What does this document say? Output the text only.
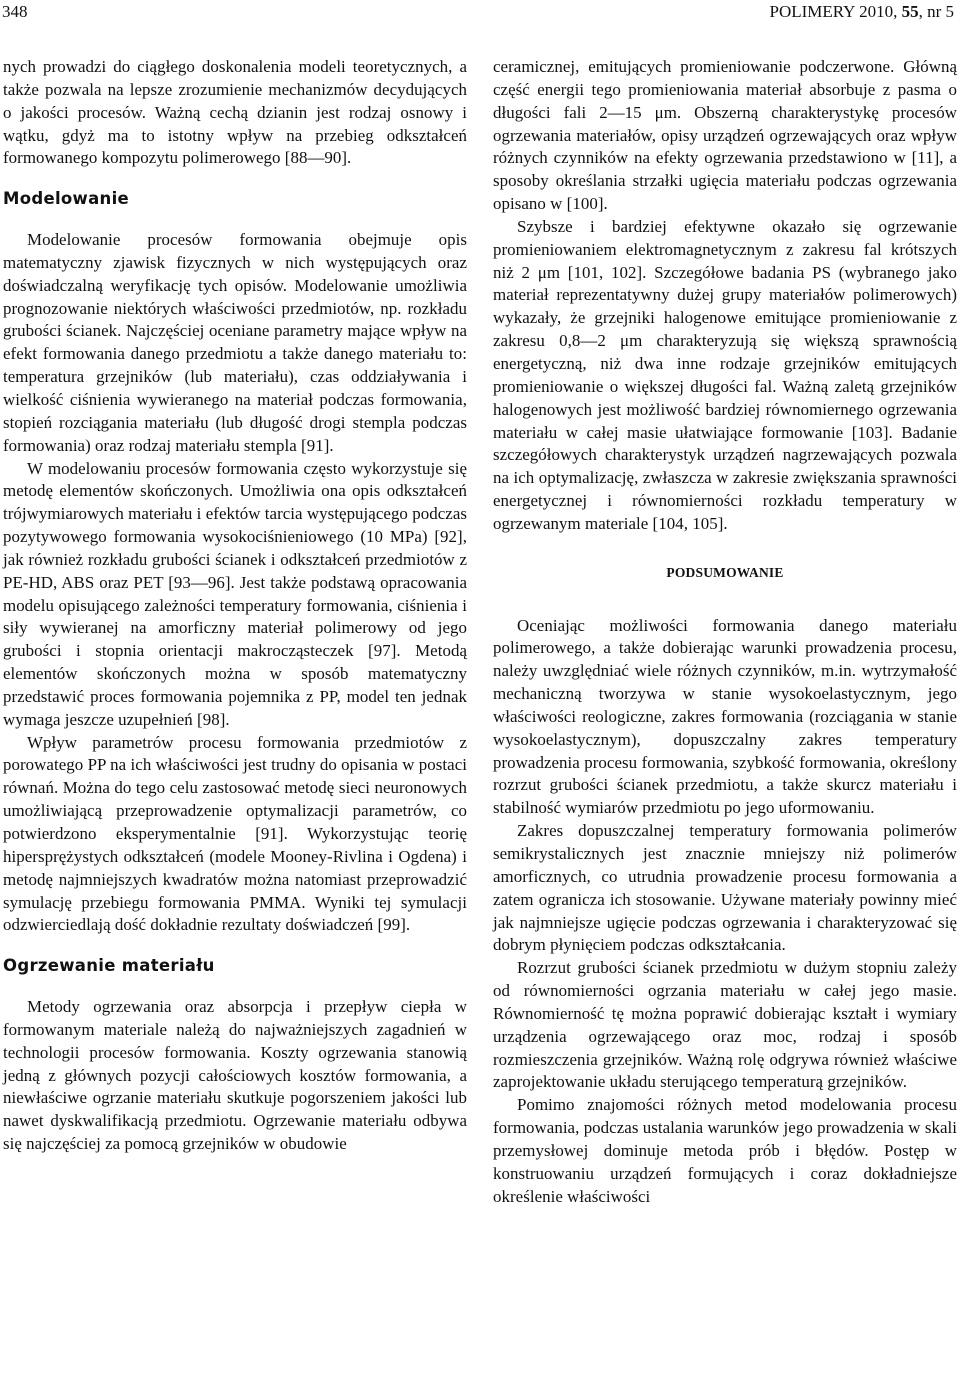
348	POLIMERY 2010, 55, nr 5

nych prowadzi do ciągłego doskonalenia modeli teoretycznych, a także pozwala na lepsze zrozumienie mechanizmów decydujących o jakości procesów. Ważną cechą dzianin jest rodzaj osnowy i wątku, gdyż ma to istotny wpływ na przebieg odkształceń formowanego kompozytu polimerowego [88—90].

Modelowanie

Modelowanie procesów formowania obejmuje opis matematyczny zjawisk fizycznych w nich występujących oraz doświadczalną weryfikację tych opisów. Modelowanie umożliwia prognozowanie niektórych właściwości przedmiotów, np. rozkładu grubości ścianek. Najczęściej oceniane parametry mające wpływ na efekt formowania danego przedmiotu a także danego materiału to: temperatura grzejników (lub materiału), czas oddziaływania i wielkość ciśnienia wywieranego na materiał podczas formowania, stopień rozciągania materiału (lub długość drogi stempla podczas formowania) oraz rodzaj materiału stempla [91].

W modelowaniu procesów formowania często wykorzystuje się metodę elementów skończonych. Umożliwia ona opis odkształceń trójwymiarowych materiału i efektów tarcia występującego podczas pozytywowego formowania wysokociśnieniowego (10 MPa) [92], jak również rozkładu grubości ścianek i odkształceń przedmiotów z PE-HD, ABS oraz PET [93—96]. Jest także podstawą opracowania modelu opisującego zależności temperatury formowania, ciśnienia i siły wywieranej na amorficzny materiał polimerowy od jego grubości i stopnia orientacji makrocząsteczek [97]. Metodą elementów skończonych można w sposób matematyczny przedstawić proces formowania pojemnika z PP, model ten jednak wymaga jeszcze uzupełnień [98].

Wpływ parametrów procesu formowania przedmiotów z porowatego PP na ich właściwości jest trudny do opisania w postaci równań. Można do tego celu zastosować metodę sieci neuronowych umożliwiającą przeprowadzenie optymalizacji parametrów, co potwierdzono eksperymentalnie [91]. Wykorzystując teorię hipersprężystych odkształceń (modele Mooney-Rivlina i Ogdena) i metodę najmniejszych kwadratów można natomiast przeprowadzić symulację przebiegu formowania PMMA. Wyniki tej symulacji odzwierciedlają dość dokładnie rezultaty doświadczeń [99].

Ogrzewanie materiału

Metody ogrzewania oraz absorpcja i przepływ ciepła w formowanym materiale należą do najważniejszych zagadnień w technologii procesów formowania. Koszty ogrzewania stanowią jedną z głównych pozycji całościowych kosztów formowania, a niewłaściwe ogrzanie materiału skutkuje pogorszeniem jakości lub nawet dyskwalifikacją przedmiotu. Ogrzewanie materiału odbywa się najczęściej za pomocą grzejników w obudowie

ceramicznej, emitujących promieniowanie podczerwone. Główną część energii tego promieniowania materiał absorbuje z pasma o długości fali 2—15 μm. Obszerną charakterystykę procesów ogrzewania materiałów, opisy urządzeń ogrzewających oraz wpływ różnych czynników na efekty ogrzewania przedstawiono w [11], a sposoby określania strzałki ugięcia materiału podczas ogrzewania opisano w [100].

Szybsze i bardziej efektywne okazało się ogrzewanie promieniowaniem elektromagnetycznym z zakresu fal krótszych niż 2 μm [101, 102]. Szczegółowe badania PS (wybranego jako materiał reprezentatywny dużej grupy materiałów polimerowych) wykazały, że grzejniki halogenowe emitujące promieniowanie z zakresu 0,8—2 μm charakteryzują się większą sprawnością energetyczną, niż dwa inne rodzaje grzejników emitujących promieniowanie o większej długości fal. Ważną zaletą grzejników halogenowych jest możliwość bardziej równomiernego ogrzewania materiału w całej masie ułatwiające formowanie [103]. Badanie szczegółowych charakterystyk urządzeń nagrzewających pozwala na ich optymalizację, zwłaszcza w zakresie zwiększania sprawności energetycznej i równomierności rozkładu temperatury w ogrzewanym materiale [104, 105].

PODSUMOWANIE

Oceniając możliwości formowania danego materiału polimerowego, a także dobierając warunki prowadzenia procesu, należy uwzględniać wiele różnych czynników, m.in. wytrzymałość mechaniczną tworzywa w stanie wysokoelastycznym, jego właściwości reologiczne, zakres formowania (rozciągania w stanie wysokoelastycznym), dopuszczalny zakres temperatury prowadzenia procesu formowania, szybkość formowania, określony rozrzut grubości ścianek przedmiotu, a także skurcz materiału i stabilność wymiarów przedmiotu po jego uformowaniu.

Zakres dopuszczalnej temperatury formowania polimerów semikrystalicznych jest znacznie mniejszy niż polimerów amorficznych, co utrudnia prowadzenie procesu formowania a zatem ogranicza ich stosowanie. Używane materiały powinny mieć jak najmniejsze ugięcie podczas ogrzewania i charakteryzować się dobrym płynięciem podczas odkształcania.

Rozrzut grubości ścianek przedmiotu w dużym stopniu zależy od równomierności ogrzania materiału w całej jego masie. Równomierność tę można poprawić dobierając kształt i wymiary urządzenia ogrzewającego oraz moc, rodzaj i sposób rozmieszczenia grzejników. Ważną rolę odgrywa również właściwe zaprojektowanie układu sterującego temperaturą grzejników.

Pomimo znajomości różnych metod modelowania procesu formowania, podczas ustalania warunków jego prowadzenia w skali przemysłowej dominuje metoda prób i błędów. Postęp w konstruowaniu urządzeń formujących i coraz dokładniejsze określenie właściwości
